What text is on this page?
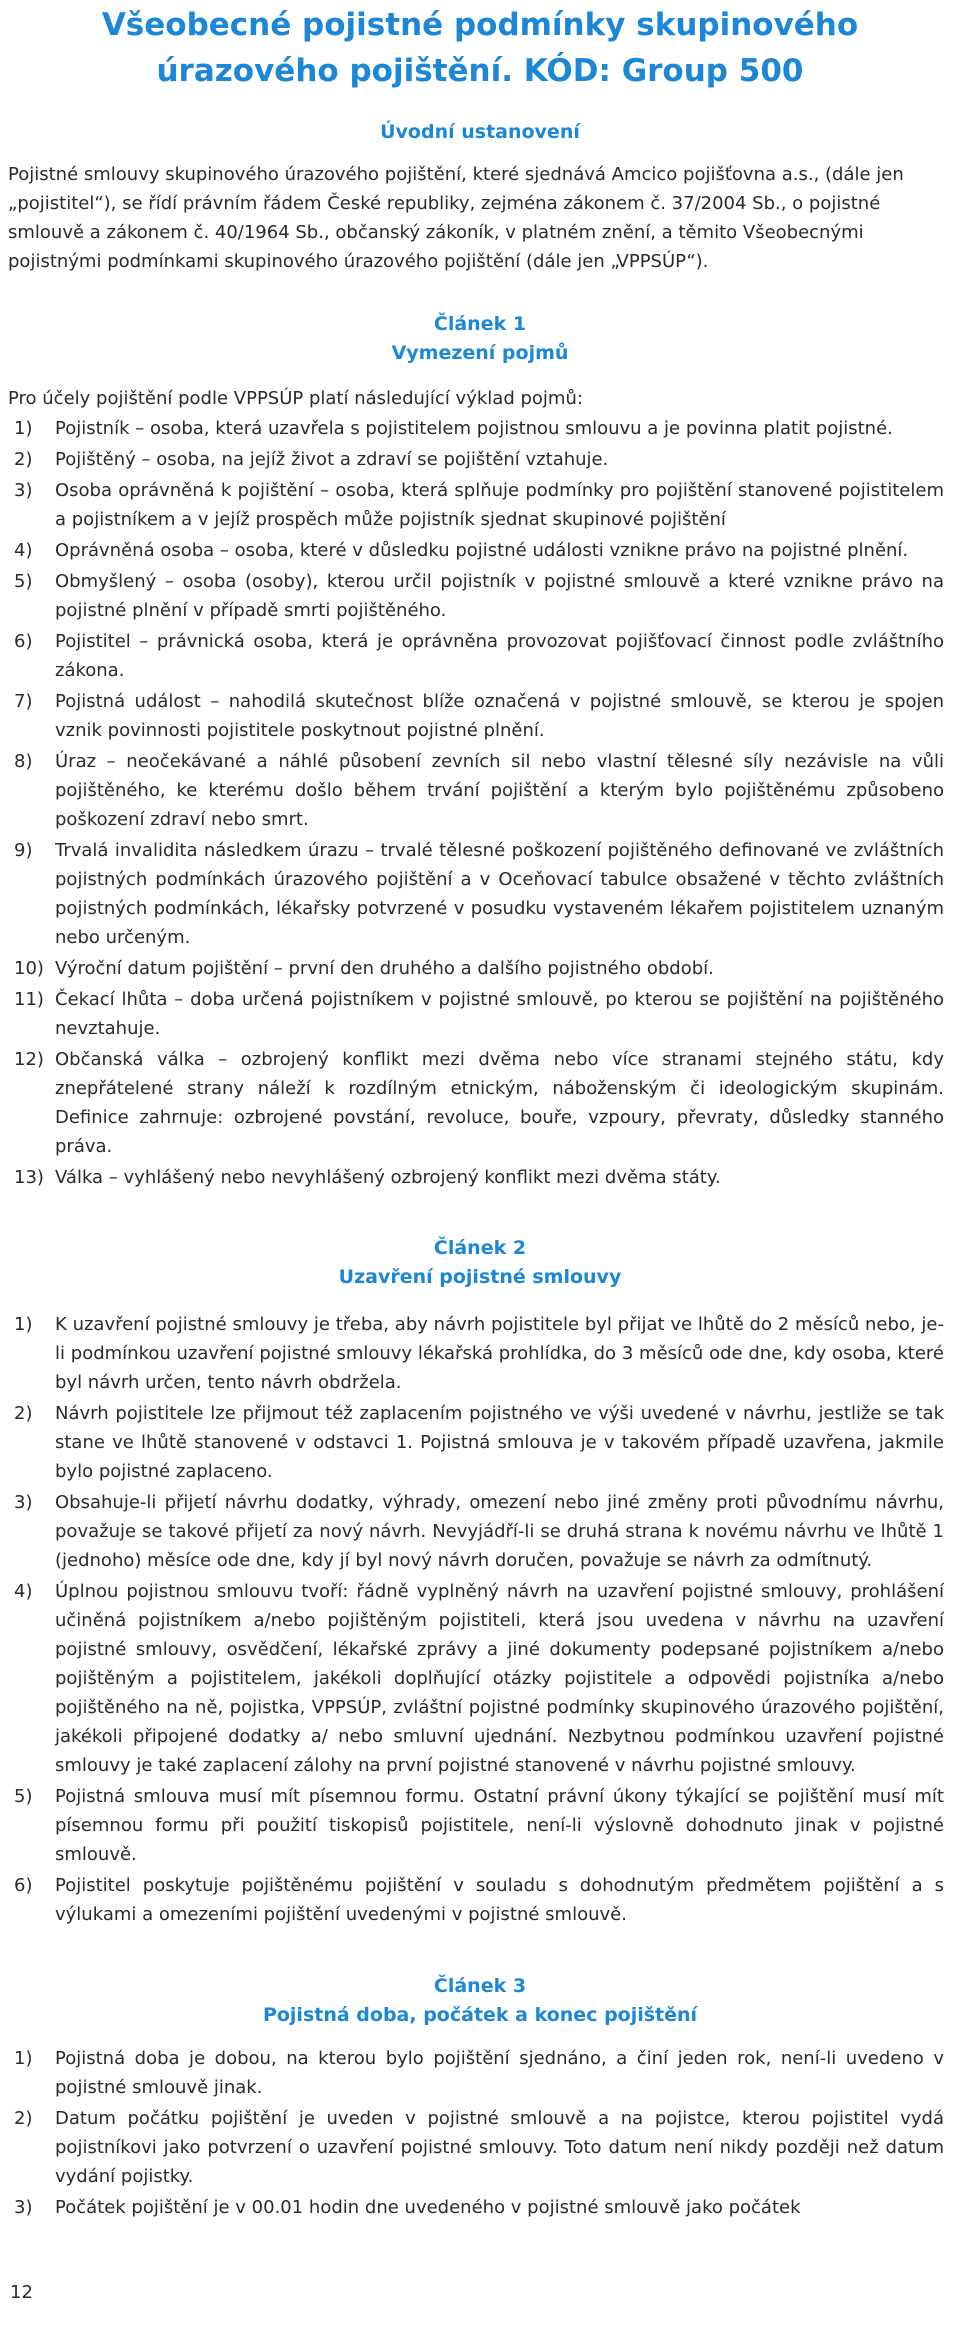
Všeobecné pojistné podmínky skupinového úrazového pojištění. KÓD: Group 500
Úvodní ustanovení

Pojistné smlouvy skupinového úrazového pojištění, které sjednává Amcico pojišťovna a.s., (dále jen „pojistitel“), se řídí právním řádem České republiky, zejména zákonem č. 37/2004 Sb., o pojistné smlouvě a zákonem č. 40/1964 Sb., občanský zákoník, v platném znění, a těmito Všeobecnými pojistnými podmínkami skupinového úrazového pojištění (dále jen „VPPSÚP“).

Článek 1
Vymezení pojmů

Pro účely pojištění podle VPPSÚP platí následující výklad pojmů:

1)	Pojistník – osoba, která uzavřela s pojistitelem pojistnou smlouvu a je povinna platit pojistné.
2)	Pojištěný – osoba, na jejíž život a zdraví se pojištění vztahuje.
3)	Osoba oprávněná k pojištění – osoba, která splňuje podmínky pro pojištění stanovené pojistitelem a pojistníkem a v jejíž prospěch může pojistník sjednat skupinové pojištění
4)	Oprávněná osoba – osoba, které v důsledku pojistné události vznikne právo na pojistné plnění.
5)	Obmyšlený – osoba (osoby), kterou určil pojistník v pojistné smlouvě a které vznikne právo na pojistné plnění v případě smrti pojištěného.
6)	Pojistitel – právnická osoba, která je oprávněna provozovat pojišťovací činnost podle zvláštního zákona.
7)	Pojistná událost – nahodilá skutečnost blíže označená v pojistné smlouvě, se kterou je spojen vznik povinnosti pojistitele poskytnout pojistné plnění.
8)	Úraz – neočekávané a náhlé působení zevních sil nebo vlastní tělesné síly nezávisle na vůli pojištěného, ke kterému došlo během trvání pojištění a kterým bylo pojištěnému způsobeno poškození zdraví nebo smrt.
9)	Trvalá invalidita následkem úrazu – trvalé tělesné poškození pojištěného definované ve zvláštních pojistných podmínkách úrazového pojištění a v Oceňovací tabulce obsažené v těchto zvláštních pojistných podmínkách, lékařsky potvrzené v posudku vystaveném lékařem pojistitelem uznaným nebo určeným.
10) Výroční datum pojištění – první den druhého a dalšího pojistného období.
11) Čekací lhůta – doba určená pojistníkem v pojistné smlouvě, po kterou se pojištění na pojištěného nevztahuje.
12) Občanská válka – ozbrojený konflikt mezi dvěma nebo více stranami stejného státu, kdy znepřátelené strany náleží k rozdílným etnickým, náboženským či ideologickým skupinám. Definice zahrnuje: ozbrojené povstání, revoluce, bouře, vzpoury, převraty, důsledky stanného práva.
13) Válka – vyhlášený nebo nevyhlášený ozbrojený konflikt mezi dvěma státy.
Článek 2
Uzavření pojistné smlouvy
1)	K uzavření pojistné smlouvy je třeba, aby návrh pojistitele byl přijat ve lhůtě do 2 měsíců nebo, je-li podmínkou uzavření pojistné smlouvy lékařská prohlídka, do 3 měsíců ode dne, kdy osoba, které byl návrh určen, tento návrh obdržela.
2)	Návrh pojistitele lze přijmout též zaplacením pojistného ve výši uvedené v návrhu, jestliže se tak stane ve lhůtě stanovené v odstavci 1. Pojistná smlouva je v takovém případě uzavřena, jakmile bylo pojistné zaplaceno.
3)	Obsahuje-li přijetí návrhu dodatky, výhrady, omezení nebo jiné změny proti původnímu návrhu, považuje se takové přijetí za nový návrh. Nevyjádří-li se druhá strana k novému návrhu ve lhůtě 1 (jednoho) měsíce ode dne, kdy jí byl nový návrh doručen, považuje se návrh za odmítnutý.
4)	Úplnou pojistnou smlouvu tvoří: řádně vyplněný návrh na uzavření pojistné smlouvy, prohlášení učiněná pojistníkem a/nebo pojištěným pojistiteli, která jsou uvedena v návrhu na uzavření pojistné smlouvy, osvědčení, lékařské zprávy a jiné dokumenty podepsané pojistníkem a/nebo pojištěným a pojistitelem, jakékoli doplňující otázky pojistitele a odpovědi pojistníka a/nebo pojištěného na ně, pojistka, VPPSÚP, zvláštní pojistné podmínky skupinového úrazového pojištění, jakékoli připojené dodatky a/ nebo smluvní ujednání. Nezbytnou podmínkou uzavření pojistné smlouvy je také zaplacení zálohy na první pojistné stanovené v návrhu pojistné smlouvy.
5)	Pojistná smlouva musí mít písemnou formu. Ostatní právní úkony týkající se pojištění musí mít písemnou formu při použití tiskopisů pojistitele, není-li výslovně dohodnuto jinak v pojistné smlouvě.
6)	Pojistitel poskytuje pojištěnému pojištění v souladu s dohodnutým předmětem pojištění a s výlukami a omezeními pojištění uvedenými v pojistné smlouvě.
Článek 3
Pojistná doba, počátek a konec pojištění
1)	Pojistná doba je dobou, na kterou bylo pojištění sjednáno, a činí jeden rok, není-li uvedeno v pojistné smlouvě jinak.
2)	Datum počátku pojištění je uveden v pojistné smlouvě a na pojistce, kterou pojistitel vydá pojistníkovi jako potvrzení o uzavření pojistné smlouvy. Toto datum není nikdy později než datum vydání pojistky.
3)	Počátek pojištění je v 00.01 hodin dne uvedeného v pojistné smlouvě jako počátek

12
